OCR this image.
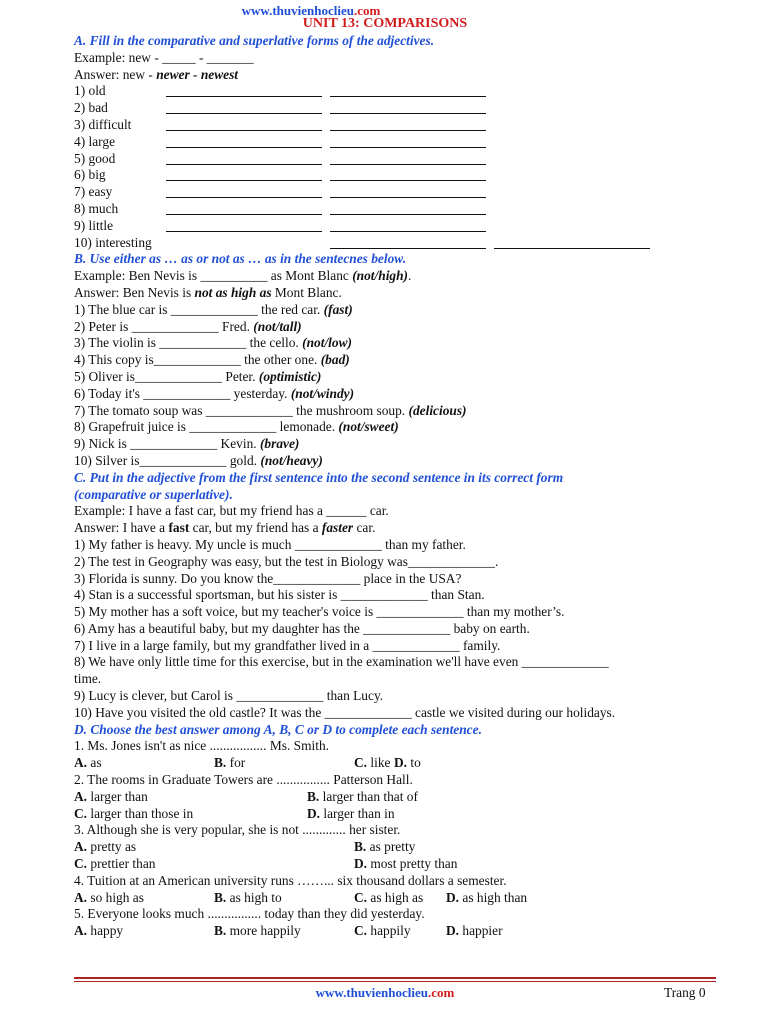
www.thuvienhoclieu.com
UNIT 13: COMPARISONS
A. Fill in the comparative and superlative forms of the adjectives.
Example: new - _____ - _______
Answer: new - newer - newest
1) old
2) bad
3) difficult
4) large
5) good
6) big
7) easy
8) much
9) little
10) interesting
B. Use either as … as or not as … as in the sentecnes below.
Example: Ben Nevis is __________ as Mont Blanc (not/high).
Answer: Ben Nevis is not as high as Mont Blanc.
1) The blue car is _____________ the red car. (fast)
2) Peter is _____________ Fred. (not/tall)
3) The violin is _____________ the cello. (not/low)
4) This copy is_____________ the other one. (bad)
5) Oliver is_____________ Peter. (optimistic)
6) Today it's _____________ yesterday. (not/windy)
7) The tomato soup was _____________ the mushroom soup. (delicious)
8) Grapefruit juice is _____________ lemonade. (not/sweet)
9) Nick is _____________ Kevin. (brave)
10) Silver is_____________ gold. (not/heavy)
C. Put in the adjective from the first sentence into the second sentence in its correct form
(comparative or superlative).
Example: I have a fast car, but my friend has a ______ car.
Answer: I have a fast car, but my friend has a faster car.
1) My father is heavy. My uncle is much _____________ than my father.
2) The test in Geography was easy, but the test in Biology was_____________.
3) Florida is sunny. Do you know the_____________ place in the USA?
4) Stan is a successful sportsman, but his sister is _____________ than Stan.
5) My mother has a soft voice, but my teacher's voice is _____________ than my mother’s.
6) Amy has a beautiful baby, but my daughter has the _____________ baby on earth.
7) I live in a large family, but my grandfather lived in a _____________ family.
8) We have only little time for this exercise, but in the examination we'll have even _____________
time.
9) Lucy is clever, but Carol is _____________ than Lucy.
10) Have you visited the old castle? It was the _____________ castle we visited during our holidays.
D. Choose the best answer among A, B, C or D to complete each sentence.
1. Ms. Jones isn't as nice ................. Ms. Smith.
A. as	B. for	C. like D. to
2. The rooms in Graduate Towers are ................ Patterson Hall.
A. larger than	B. larger than that of
C. larger than those in	D. larger than in
3. Although she is very popular, she is not ............. her sister.
A. pretty as	B. as pretty
C. prettier than	D. most pretty than
4. Tuition at an American university runs ……... six thousand dollars a semester.
A. so high as	B. as high to	C. as high as D. as high than
5. Everyone looks much ................ today than they did yesterday.
A. happy	B. more happily	C. happily	D. happier
www.thuvienhoclieu.com	Trang 0
